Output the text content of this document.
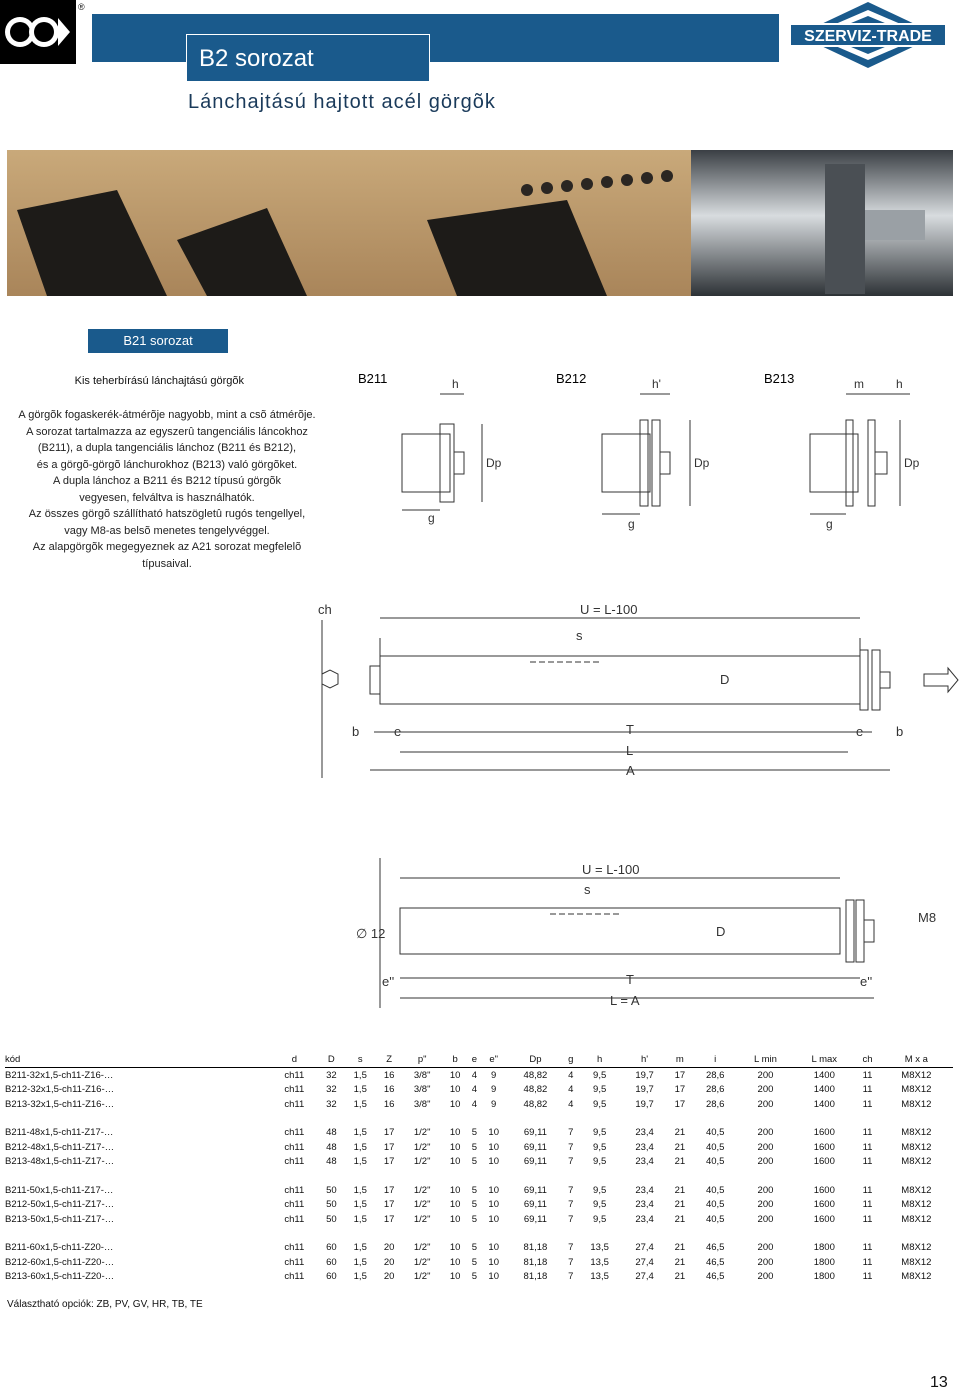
®
B2 sorozat
Lánchajtású hajtott acél görgõk
SZERVIZ-TRADE
B21 sorozat
Kis teherbírású lánchajtású görgõk
A görgõk fogaskerék-átmérõje nagyobb, mint a csõ átmérõje.
A sorozat tartalmazza az egyszerû tangenciális láncokhoz
(B211), a dupla tangenciális lánchoz (B211 és B212),
és a görgõ-görgõ lánchurokhoz (B213) való görgõket.
A dupla lánchoz a B211 és B212 típusú görgõk
vegyesen, felváltva is használhatók.
Az összes görgõ szállítható hatszögletû rugós tengellyel,
vagy M8-as belsõ menetes tengelyvéggel.
Az alapgörgõk megegyeznek az A21 sorozat megfelelõ
típusaival.
B211	B212	B213
h
Dp
g
h'
Dp
g
m	h
Dp
g
ch	U = L-100
s
D
b	e	T	e	b
L
A
U = L-100
s
∅ 12	D
M8
e''	T	e''
L = A
kód	d	D	s	Z	p"	b	e	e"	Dp	g	h	h'	m	i	L min	L max	ch	M x a
B211-32x1,5-ch11-Z16-…	ch11	32	1,5	16	3/8"	10	4	9	48,82	4	9,5	19,7	17	28,6	200	1400	11	M8X12
B212-32x1,5-ch11-Z16-…	ch11	32	1,5	16	3/8"	10	4	9	48,82	4	9,5	19,7	17	28,6	200	1400	11	M8X12
B213-32x1,5-ch11-Z16-…	ch11	32	1,5	16	3/8"	10	4	9	48,82	4	9,5	19,7	17	28,6	200	1400	11	M8X12

B211-48x1,5-ch11-Z17-…	ch11	48	1,5	17	1/2"	10	5	10	69,11	7	9,5	23,4	21	40,5	200	1600	11	M8X12
B212-48x1,5-ch11-Z17-…	ch11	48	1,5	17	1/2"	10	5	10	69,11	7	9,5	23,4	21	40,5	200	1600	11	M8X12
B213-48x1,5-ch11-Z17-…	ch11	48	1,5	17	1/2"	10	5	10	69,11	7	9,5	23,4	21	40,5	200	1600	11	M8X12

B211-50x1,5-ch11-Z17-…	ch11	50	1,5	17	1/2"	10	5	10	69,11	7	9,5	23,4	21	40,5	200	1600	11	M8X12
B212-50x1,5-ch11-Z17-…	ch11	50	1,5	17	1/2"	10	5	10	69,11	7	9,5	23,4	21	40,5	200	1600	11	M8X12
B213-50x1,5-ch11-Z17-…	ch11	50	1,5	17	1/2"	10	5	10	69,11	7	9,5	23,4	21	40,5	200	1600	11	M8X12

B211-60x1,5-ch11-Z20-…	ch11	60	1,5	20	1/2"	10	5	10	81,18	7	13,5	27,4	21	46,5	200	1800	11	M8X12
B212-60x1,5-ch11-Z20-…	ch11	60	1,5	20	1/2"	10	5	10	81,18	7	13,5	27,4	21	46,5	200	1800	11	M8X12
B213-60x1,5-ch11-Z20-…	ch11	60	1,5	20	1/2"	10	5	10	81,18	7	13,5	27,4	21	46,5	200	1800	11	M8X12
Választható opciók: ZB, PV, GV, HR, TB, TE
13
